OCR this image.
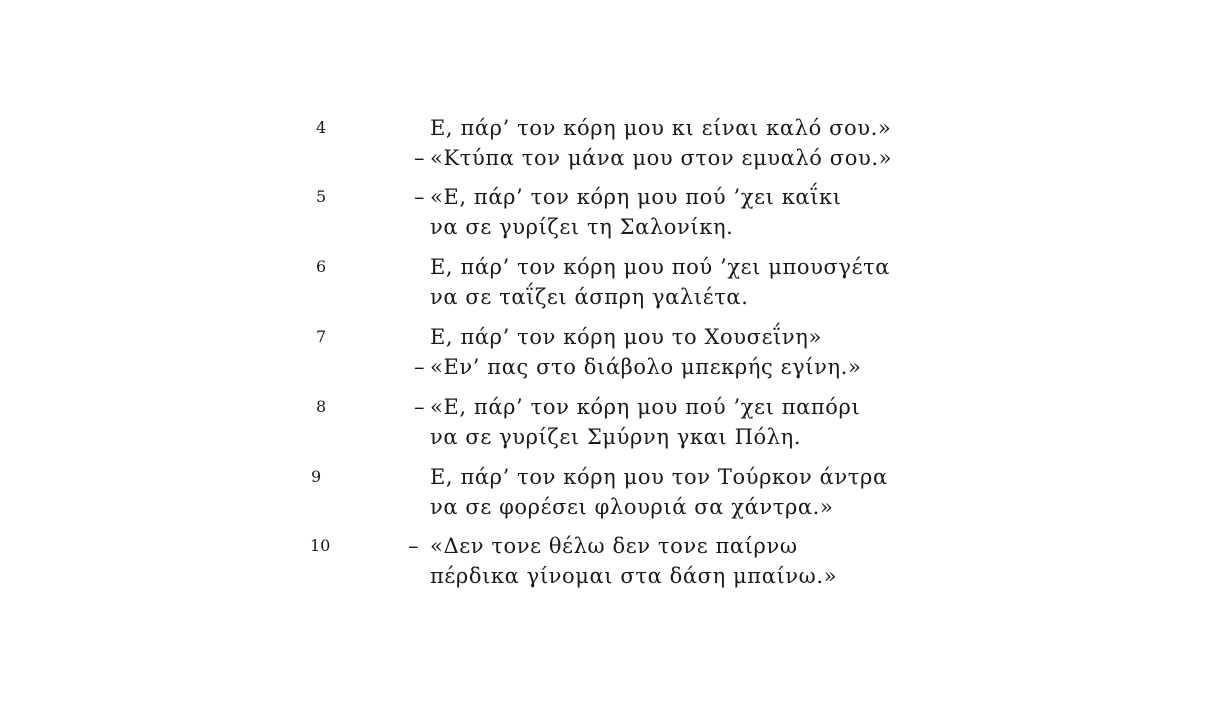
4	Ε, πάρ’ τον κόρη μου κι είναι καλό σου.»
– «Κτύπα τον μάνα μου στον εμυαλό σου.»
5	– «Ε, πάρ’ τον κόρη μου πού ’χει καΐκι
να σε γυρίζει τη Σαλονίκη.
6	Ε, πάρ’ τον κόρη μου πού ’χει μπουσγέτα
να σε ταΐζει άσπρη γαλιέτα.
7	Ε, πάρ’ τον κόρη μου το Χουσεΐνη»
– «Εν’ πας στο διάβολο μπεκρής εγίνη.»
8	– «Ε, πάρ’ τον κόρη μου πού ’χει παπόρι
να σε γυρίζει Σμύρνη γκαι Πόλη.
9	Ε, πάρ’ τον κόρη μου τον Τούρκον άντρα
να σε φορέσει φλουριά σα χάντρα.»
10	– «Δεν τονε θέλω δεν τονε παίρνω
πέρδικα γίνομαι στα δάση μπαίνω.»
